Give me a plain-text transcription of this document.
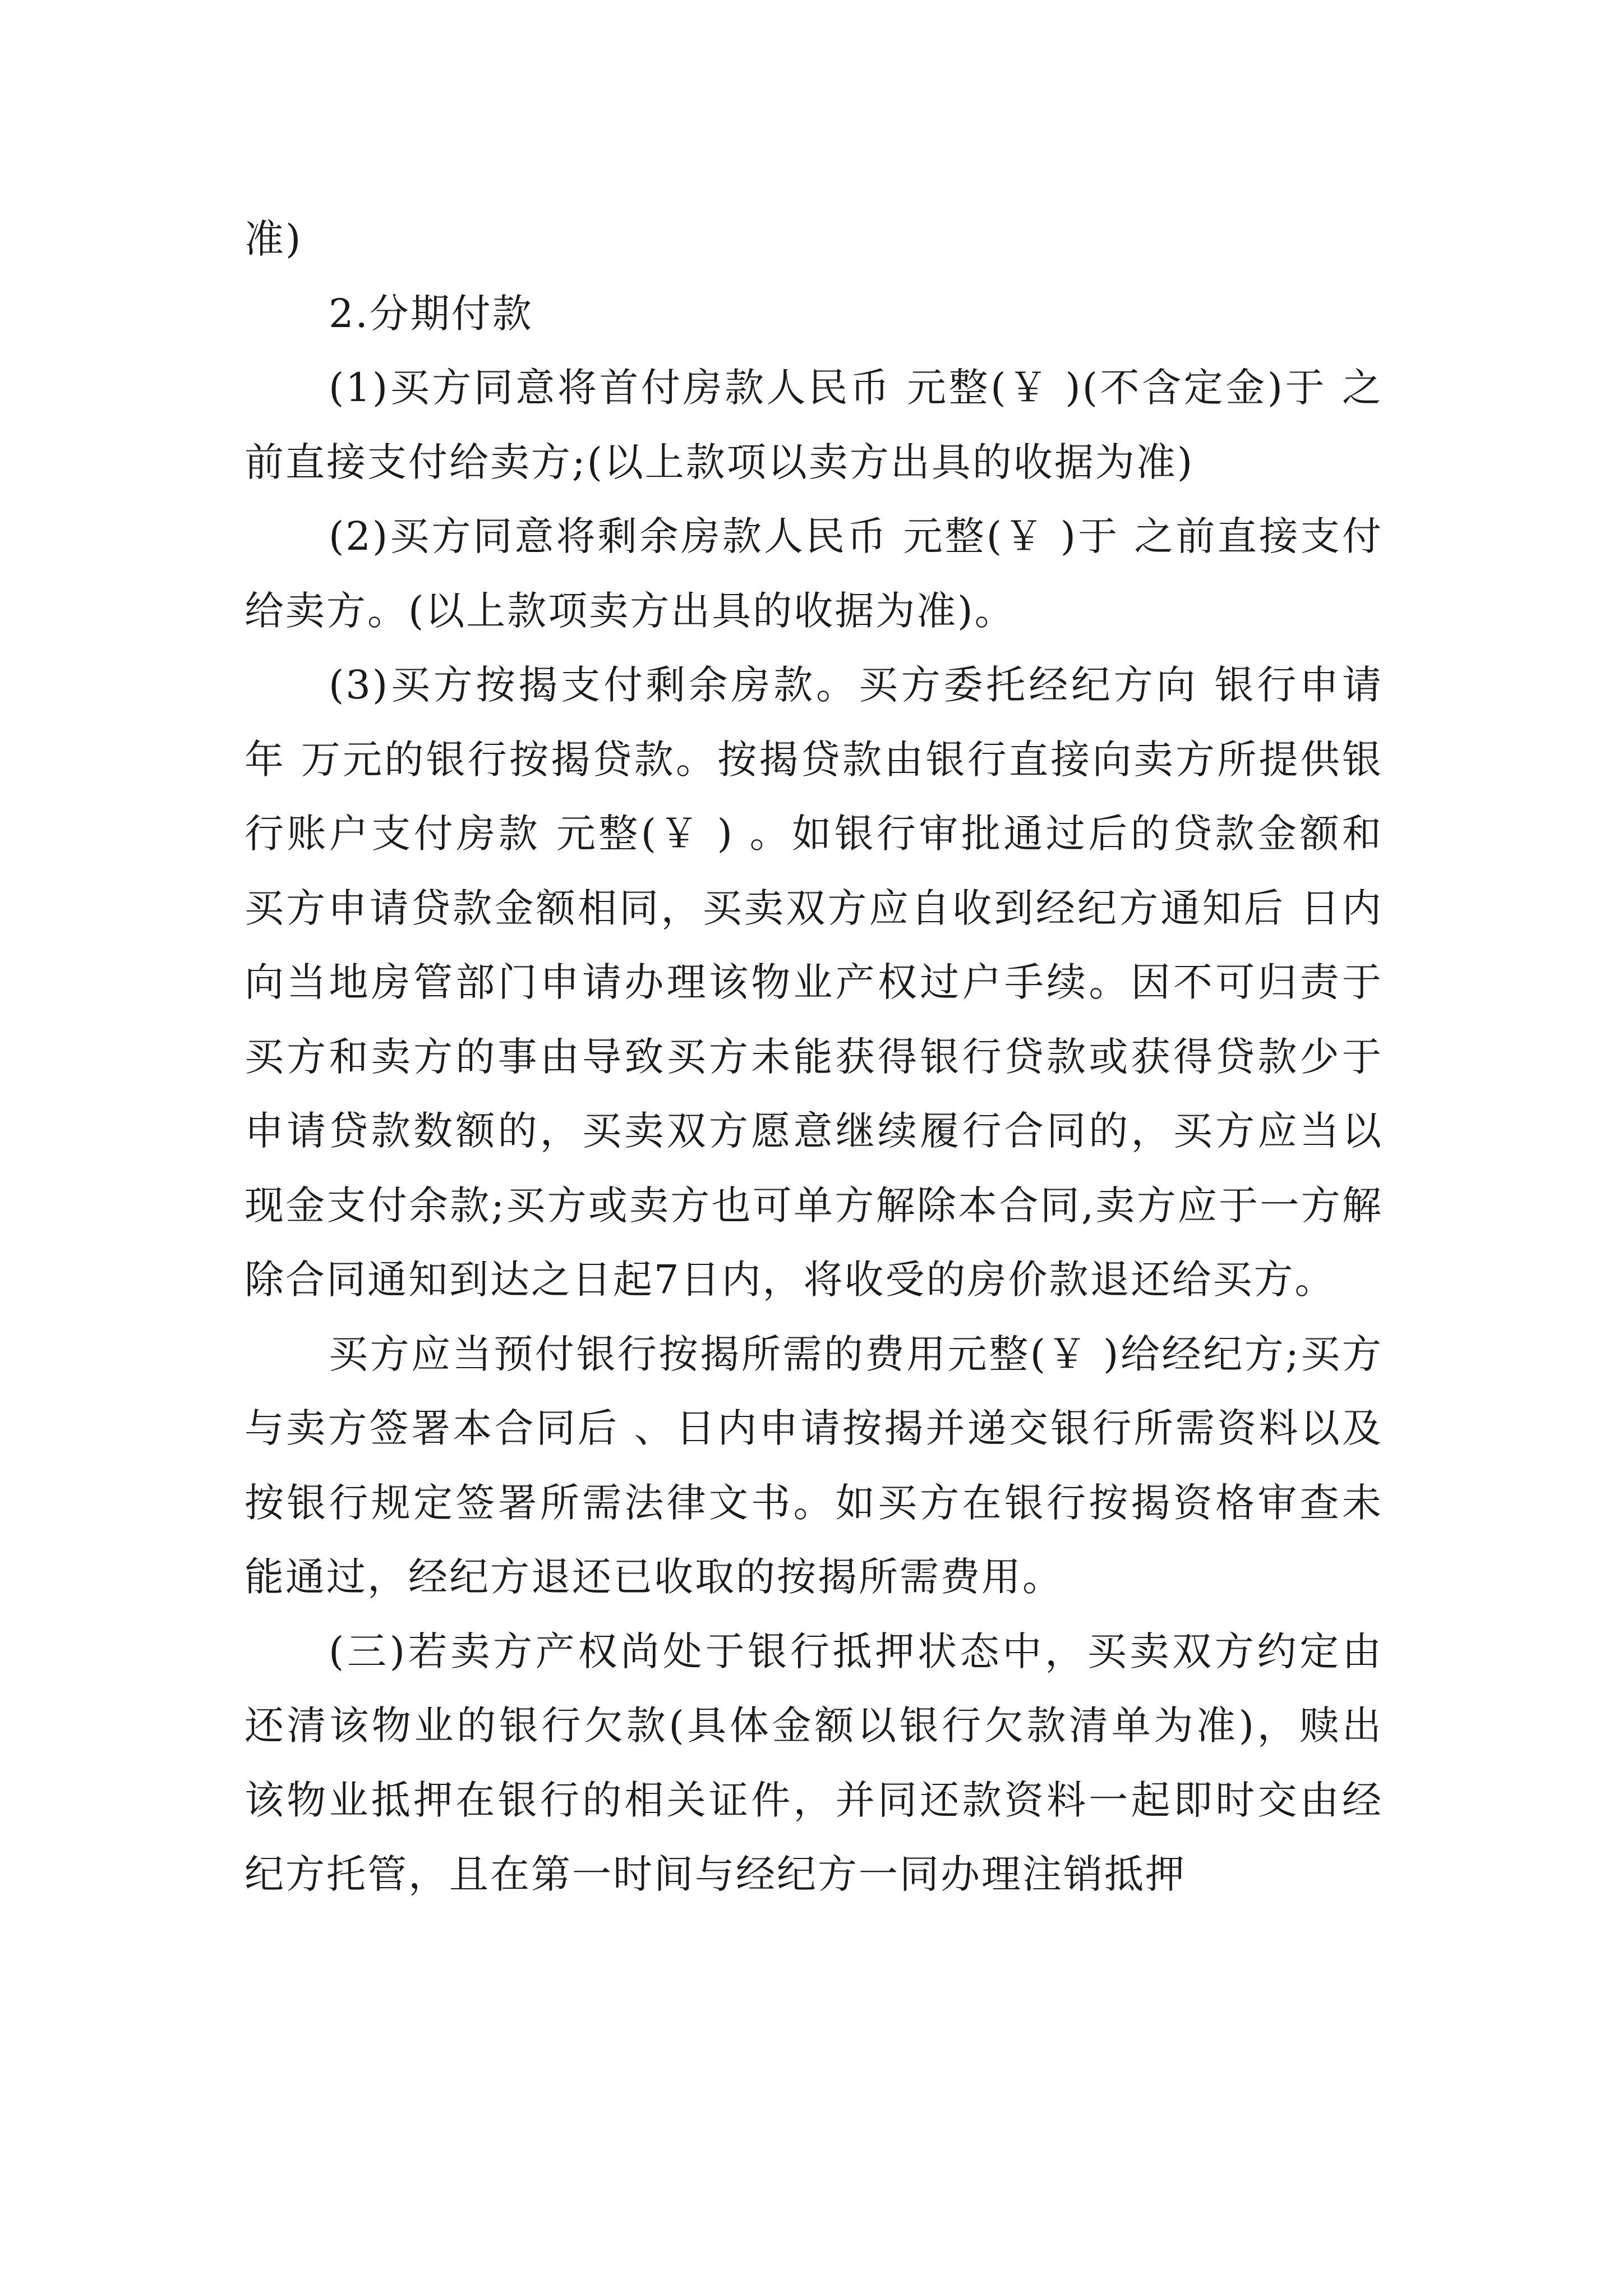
准)

2.分期付款

(1)买方同意将首付房款人民币 元整(￥ )(不含定金)于 之前直接支付给卖方;(以上款项以卖方出具的收据为准)

(2)买方同意将剩余房款人民币 元整(￥ )于 之前直接支付给卖方。(以上款项卖方出具的收据为准)。

(3)买方按揭支付剩余房款。买方委托经纪方向 银行申请 年 万元的银行按揭贷款。按揭贷款由银行直接向卖方所提供银行账户支付房款 元整(￥ ) 。如银行审批通过后的贷款金额和买方申请贷款金额相同，买卖双方应自收到经纪方通知后 日内向当地房管部门申请办理该物业产权过户手续。因不可归责于买方和卖方的事由导致买方未能获得银行贷款或获得贷款少于申请贷款数额的，买卖双方愿意继续履行合同的，买方应当以现金支付余款;买方或卖方也可单方解除本合同,卖方应于一方解除合同通知到达之日起7日内，将收受的房价款退还给买方。

买方应当预付银行按揭所需的费用元整(￥ )给经纪方;买方与卖方签署本合同后 、日内申请按揭并递交银行所需资料以及按银行规定签署所需法律文书。如买方在银行按揭资格审查未能通过，经纪方退还已收取的按揭所需费用。

(三)若卖方产权尚处于银行抵押状态中，买卖双方约定由 还清该物业的银行欠款(具体金额以银行欠款清单为准)，赎出该物业抵押在银行的相关证件，并同还款资料一起即时交由经纪方托管，且在第一时间与经纪方一同办理注销抵押
